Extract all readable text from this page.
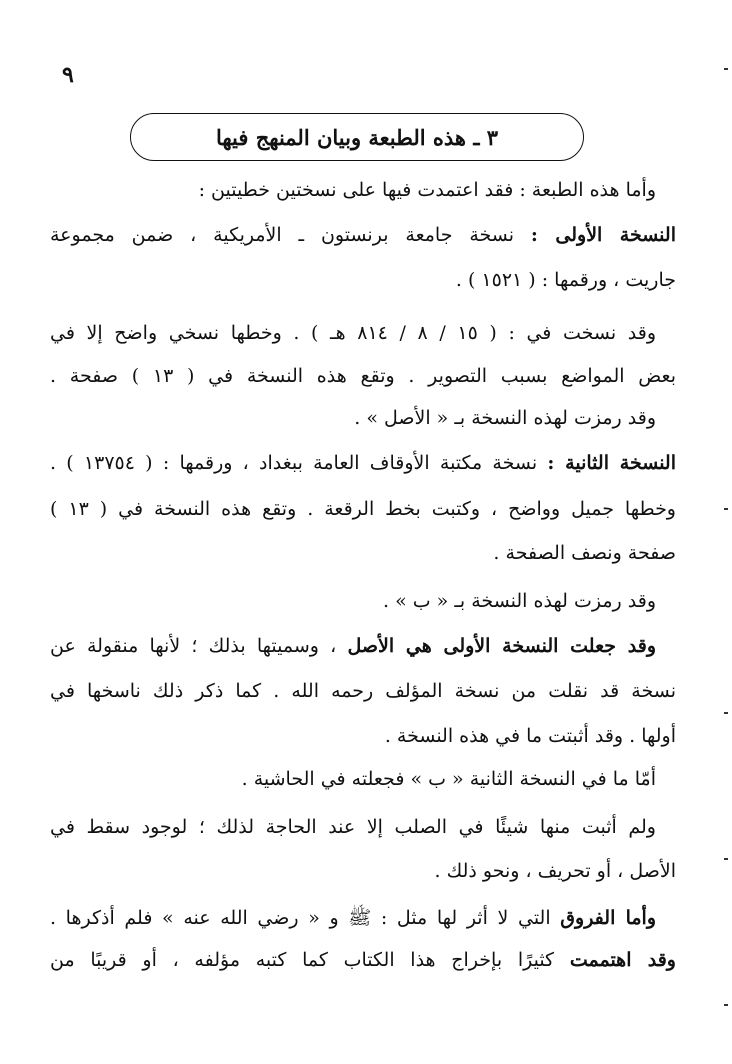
٩
٣ ـ هذه الطبعة وبيان المنهج فيها
وأما هذه الطبعة : فقد اعتمدت فيها على نسختين خطيتين :
النسخة الأولى : نسخة جامعة برنستون ـ الأمريكية ، ضمن مجموعة
جاريت ، ورقمها : ( ١٥٢١ ) .
وقد نسخت في : ( ١٥ / ٨ / ٨١٤ هـ ) . وخطها نسخي واضح إلا في
بعض المواضع بسبب التصوير . وتقع هذه النسخة في ( ١٣ ) صفحة .
وقد رمزت لهذه النسخة بـ « الأصل » .
النسخة الثانية : نسخة مكتبة الأوقاف العامة ببغداد ، ورقمها : ( ١٣٧٥٤ ) .
وخطها جميل وواضح ، وكتبت بخط الرقعة . وتقع هذه النسخة في ( ١٣ )
صفحة ونصف الصفحة .
وقد رمزت لهذه النسخة بـ « ب » .
وقد جعلت النسخة الأولى هي الأصل ، وسميتها بذلك ؛ لأنها منقولة عن
نسخة قد نقلت من نسخة المؤلف رحمه الله . كما ذكر ذلك ناسخها في
أولها . وقد أثبتت ما في هذه النسخة .
أمّا ما في النسخة الثانية « ب » فجعلته في الحاشية .
ولم أثبت منها شيئًا في الصلب إلا عند الحاجة لذلك ؛ لوجود سقط في
الأصل ، أو تحريف ، ونحو ذلك .
وأما الفروق التي لا أثر لها مثل : ﷺ و « رضي الله عنه » فلم أذكرها .
وقد اهتممت كثيرًا بإخراج هذا الكتاب كما كتبه مؤلفه ، أو قريبًا من
